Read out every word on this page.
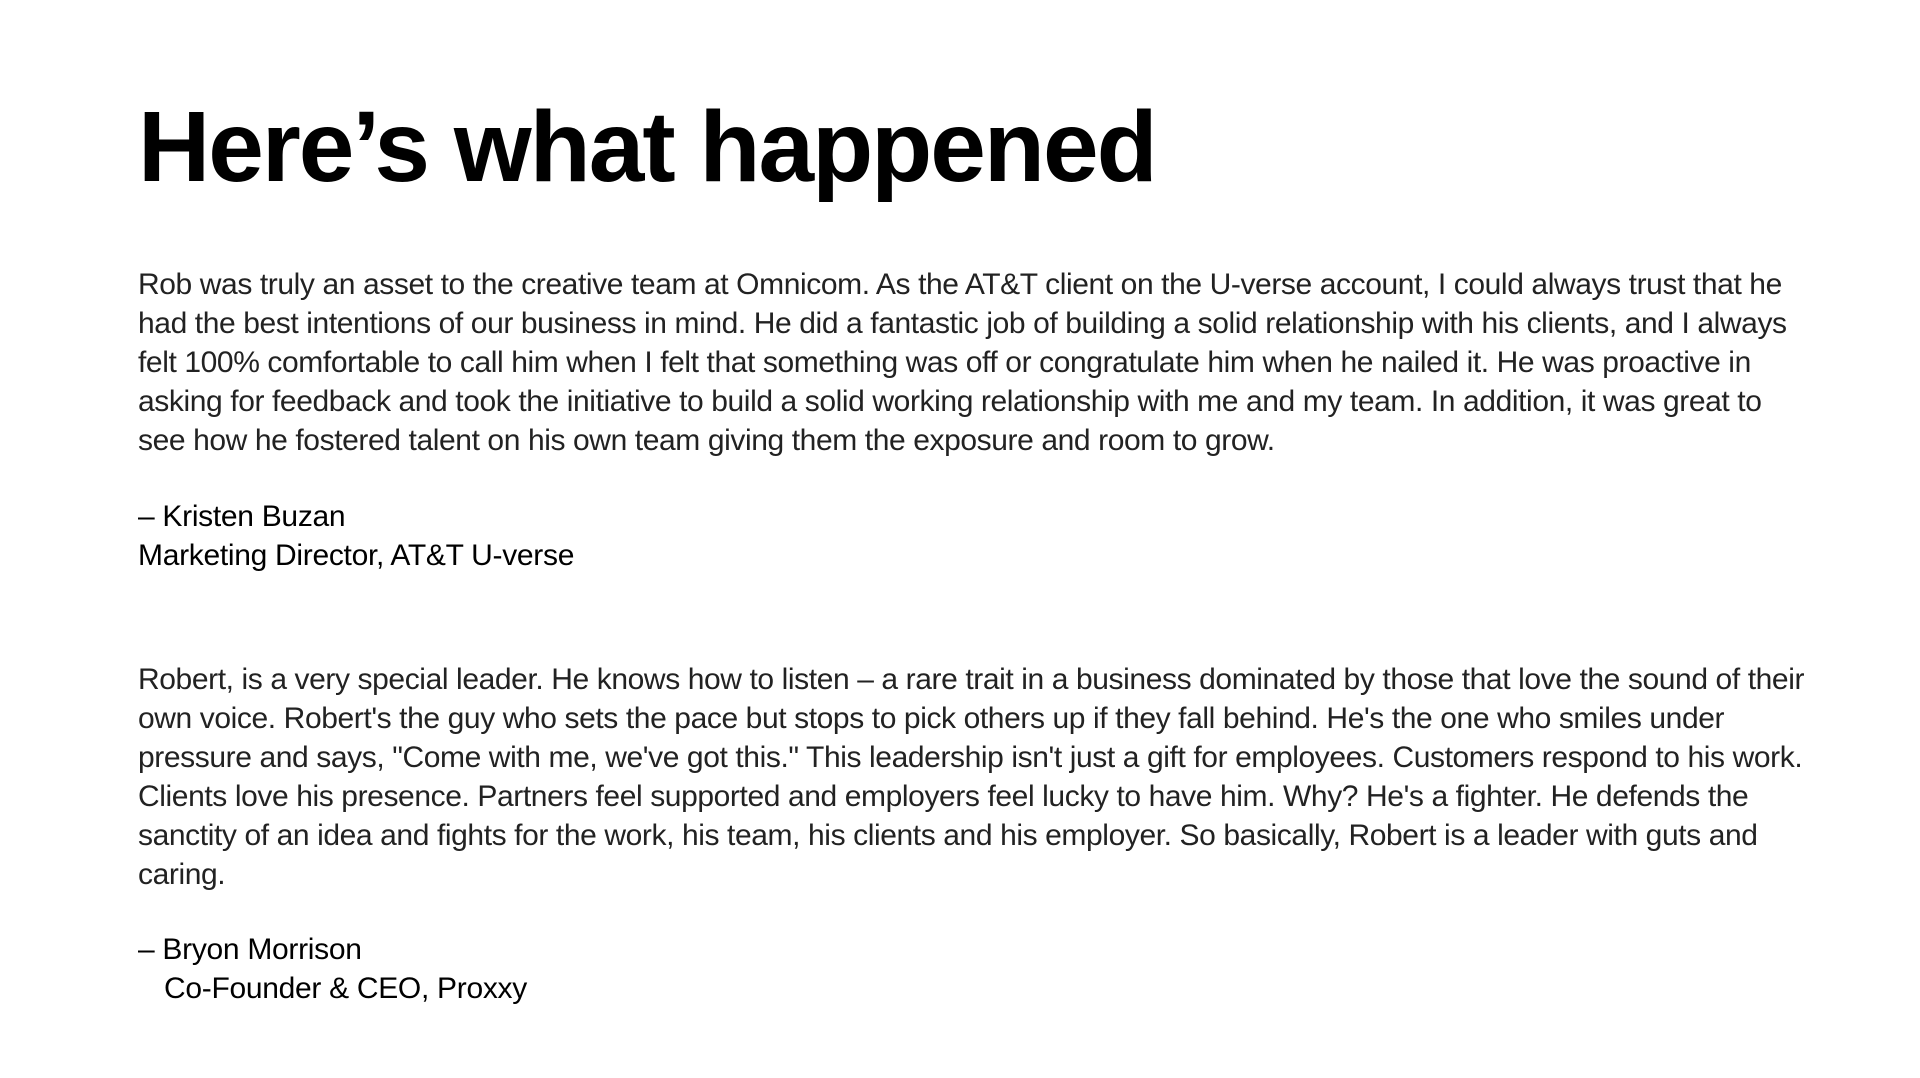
Here’s what happened

Rob was truly an asset to the creative team at Omnicom. As the AT&T client on the U-verse account, I could always trust that he had the best intentions of our business in mind. He did a fantastic job of building a solid relationship with his clients, and I always felt 100% comfortable to call him when I felt that something was off or congratulate him when he nailed it. He was proactive in asking for feedback and took the initiative to build a solid working relationship with me and my team. In addition, it was great to see how he fostered talent on his own team giving them the exposure and room to grow.

– Kristen Buzan
Marketing Director, AT&T U-verse

Robert, is a very special leader. He knows how to listen – a rare trait in a business dominated by those that love the sound of their own voice. Robert's the guy who sets the pace but stops to pick others up if they fall behind. He's the one who smiles under pressure and says, "Come with me, we've got this." This leadership isn't just a gift for employees. Customers respond to his work. Clients love his presence. Partners feel supported and employers feel lucky to have him. Why? He's a fighter. He defends the sanctity of an idea and fights for the work, his team, his clients and his employer. So basically, Robert is a leader with guts and caring.

– Bryon Morrison
Co-Founder & CEO, Proxxy
